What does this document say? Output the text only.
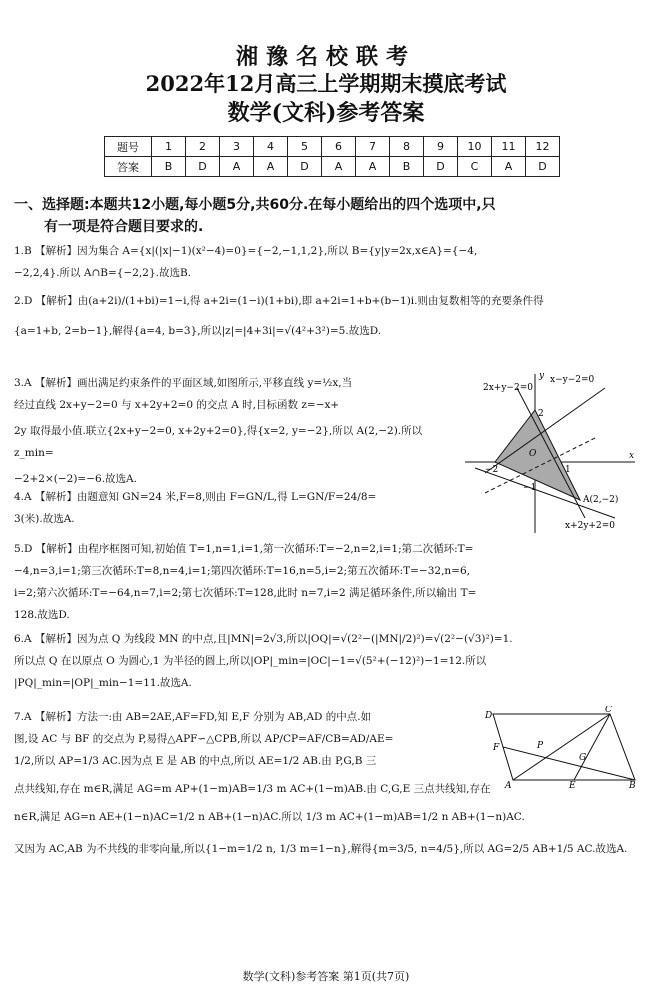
湘豫名校联考
2022年12月高三上学期期末摸底考试
数学(文科)参考答案
题号	1	2	3	4	5	6	7	8	9	10	11	12
答案	B	D	A	A	D	A	A	B	D	C	A	D
一、选择题:本题共12小题,每小题5分,共60分.在每小题给出的四个选项中,只
有一项是符合题目要求的.
1.B 【解析】因为集合 A={x|(|x|−1)(x²−4)=0}={−2,−1,1,2},所以 B={y|y=2x,x∈A}={−4,
−2,2,4}.所以 A∩B={−2,2}.故选B.
2.D 【解析】由(a+2i)/(1+bi)=1−i,得 a+2i=(1−i)(1+bi),即 a+2i=1+b+(b−1)i.则由复数相等的充要条件得
{a=1+b, 2=b−1},解得{a=4, b=3},所以|z|=|4+3i|=√(4²+3²)=5.故选D.
3.A 【解析】画出满足约束条件的平面区域,如图所示,平移直线 y=½x,当
经过直线 2x+y−2=0 与 x+2y+2=0 的交点 A 时,目标函数 z=−x+
2y 取得最小值.联立{2x+y−2=0, x+2y+2=0},得{x=2, y=−2},所以 A(2,−2).所以 z_min=
−2+2×(−2)=−6.故选A.
4.A 【解析】由题意知 GN=24 米,F=8,则由 F=GN/L,得 L=GN/F=24/8=
3(米).故选A.
5.D 【解析】由程序框图可知,初始值 T=1,n=1,i=1,第一次循环:T=−2,n=2,i=1;第二次循环:T=
−4,n=3,i=1;第三次循环:T=8,n=4,i=1;第四次循环:T=16,n=5,i=2;第五次循环:T=−32,n=6,
i=2;第六次循环:T=−64,n=7,i=2;第七次循环:T=128,此时 n=7,i=2 满足循环条件,所以输出 T=
128.故选D.
6.A 【解析】因为点 Q 为线段 MN 的中点,且|MN|=2√3,所以|OQ|=√(2²−(|MN|/2)²)=√(2²−(√3)²)=1.
所以点 Q 在以原点 O 为圆心,1 为半径的圆上,所以|OP|_min=|OC|−1=√(5²+(−12)²)−1=12.所以
|PQ|_min=|OP|_min−1=11.故选A.
7.A 【解析】方法一:由 AB=2AE,AF=FD,知 E,F 分别为 AB,AD 的中点.如
图,设 AC 与 BF 的交点为 P,易得△APF∽△CPB,所以 AP/CP=AF/CB=AD/AE=
1/2,所以 AP=1/3 AC.因为点 E 是 AB 的中点,所以 AE=1/2 AB.由 P,G,B 三
点共线知,存在 m∈R,满足 AG=m AP+(1−m)AB=1/3 m AC+(1−m)AB.由 C,G,E 三点共线知,存在
n∈R,满足 AG=n AE+(1−n)AC=1/2 n AB+(1−n)AC.所以 1/3 m AC+(1−m)AB=1/2 n AB+(1−n)AC.
又因为 AC,AB 为不共线的非零向量,所以{1−m=1/2 n, 1/3 m=1−n},解得{m=3/5, n=4/5},所以 AG=2/5 AB+1/5 AC.故选A.
2x+y−2=0
x−y−2=0
x+2y+2=0
A(2,−2)
y
x
O
2
−2	1
−1
D
C
F	P
G
A	E	B
数学(文科)参考答案 第1页(共7页)
